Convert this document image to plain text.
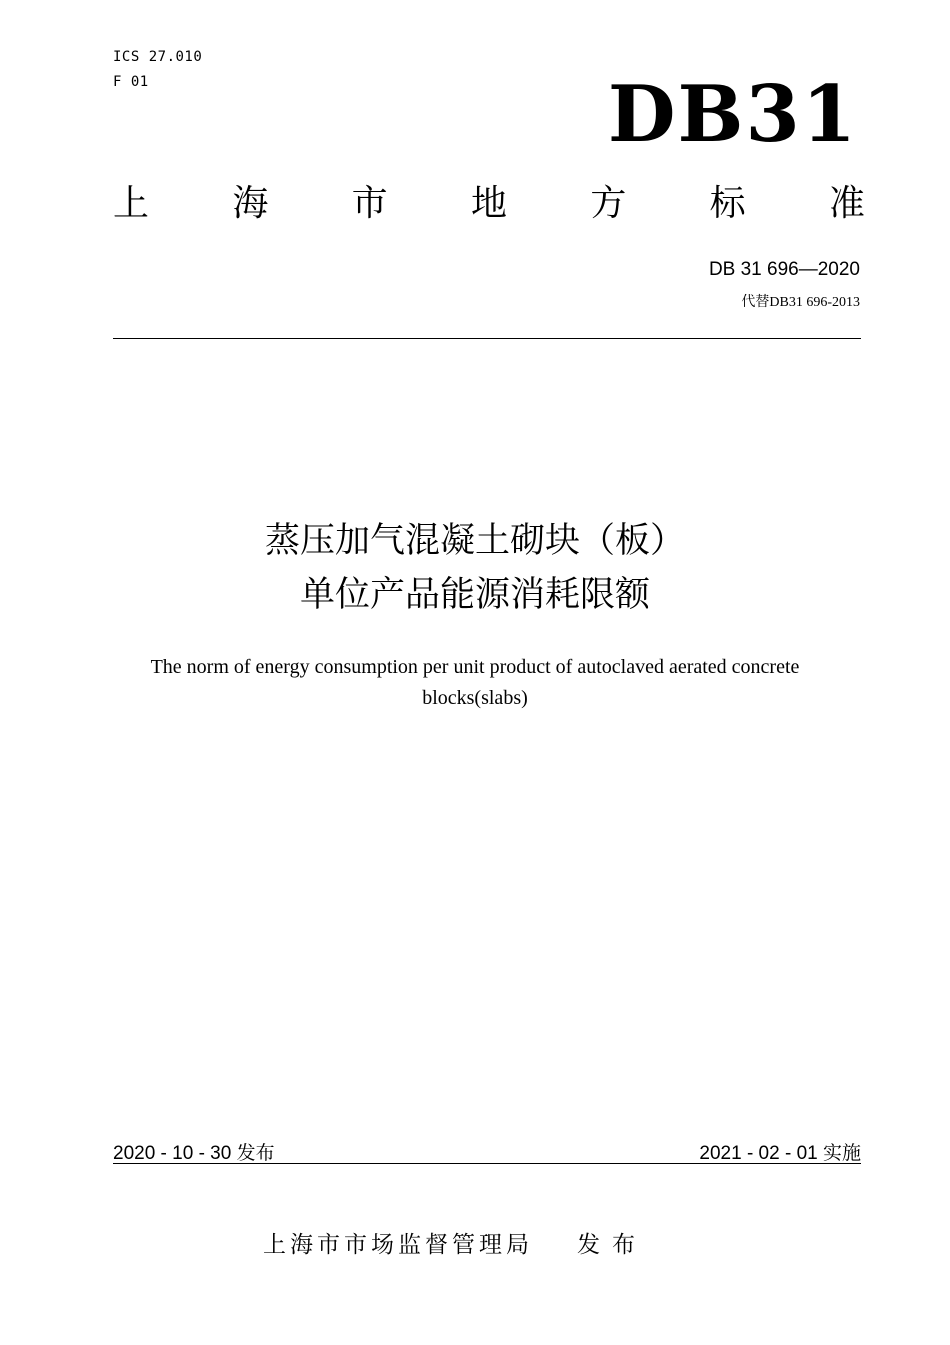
ICS 27.010
F 01	DB31
上 海 市 地 方 标 准
DB 31 696—2020
代替DB31 696-2013
蒸压加气混凝土砌块（板）
单位产品能源消耗限额
The norm of energy consumption per unit product of autoclaved aerated concrete blocks(slabs)
2020 - 10 - 30 发布	2021 - 02 - 01 实施
上海市市场监督管理局 发布
